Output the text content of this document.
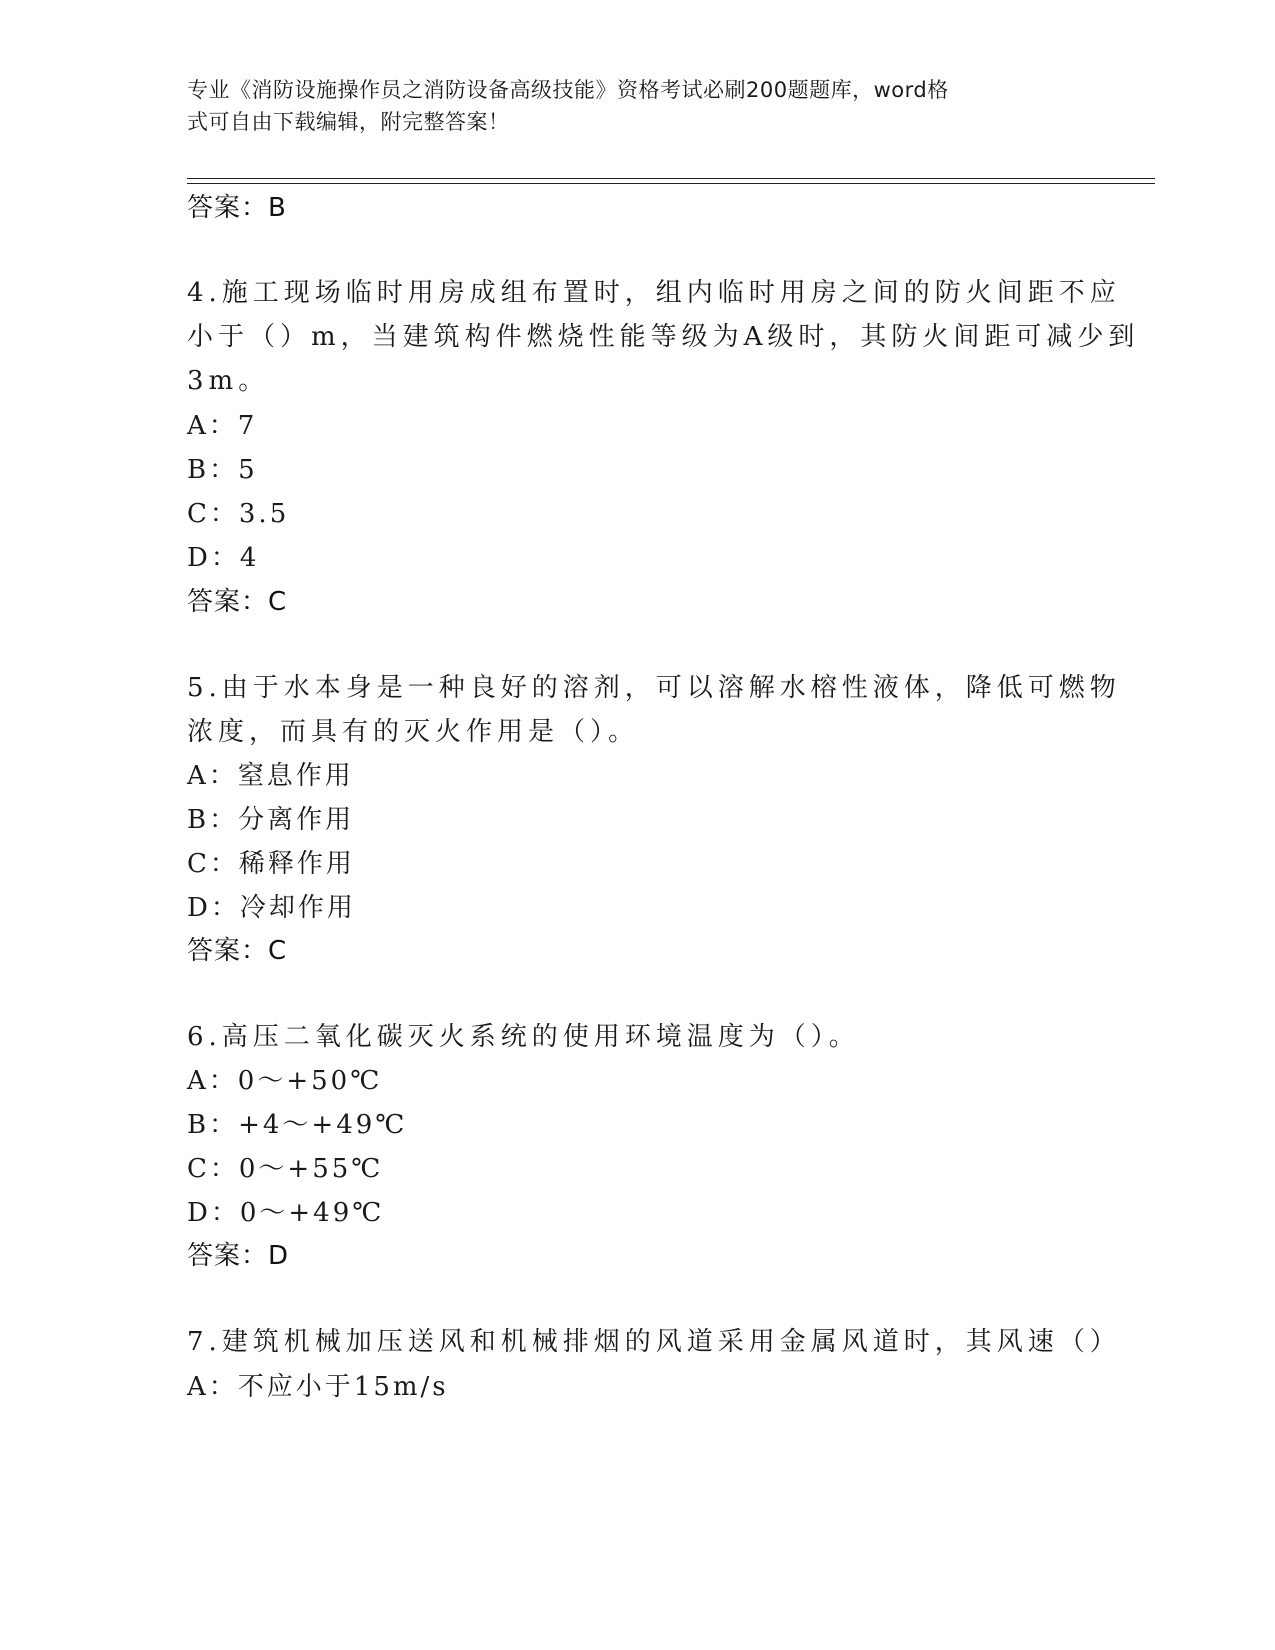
专业《消防设施操作员之消防设备高级技能》资格考试必刷200题题库，word格
式可自由下载编辑，附完整答案！
答案：B
4.施工现场临时用房成组布置时，组内临时用房之间的防火间距不应
小于（）m，当建筑构件燃烧性能等级为A级时，其防火间距可减少到
3m。
A：7
B：5
C：3.5
D：4
答案：C
5.由于水本身是一种良好的溶剂，可以溶解水榕性液体，降低可燃物
浓度，而具有的灭火作用是（）。
A：窒息作用
B：分离作用
C：稀释作用
D：冷却作用
答案：C
6.高压二氧化碳灭火系统的使用环境温度为（）。
A：0～+50℃
B：+4～+49℃
C：0～+55℃
D：0～+49℃
答案：D
7.建筑机械加压送风和机械排烟的风道采用金属风道时，其风速（）
A：不应小于15m/s
